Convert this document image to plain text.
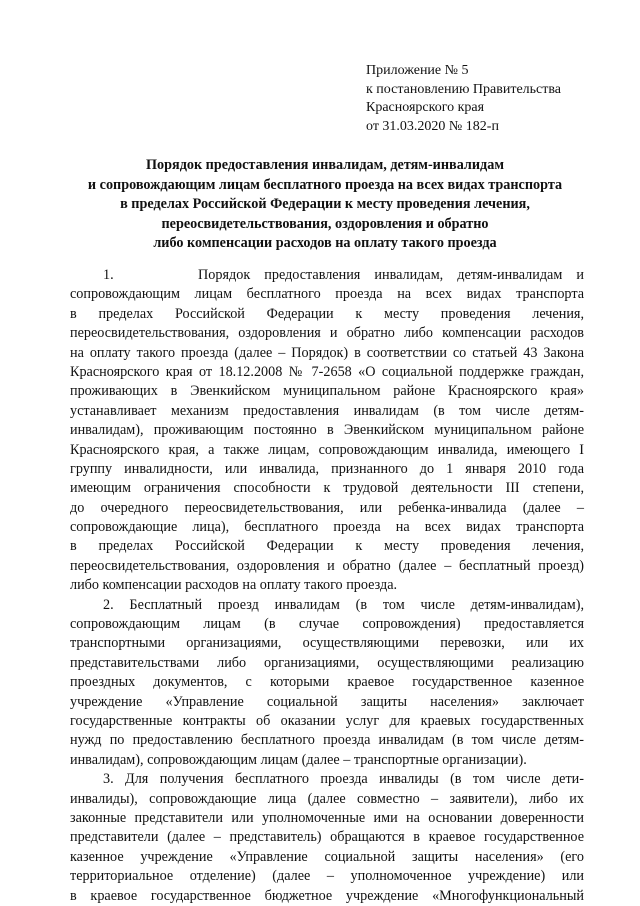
Приложение № 5
к постановлению Правительства
Красноярского края
от 31.03.2020 № 182-п
Порядок предоставления инвалидам, детям-инвалидам
и сопровождающим лицам бесплатного проезда на всех видах транспорта
в пределах Российской Федерации к месту проведения лечения,
переосвидетельствования, оздоровления и обратно
либо компенсации расходов на оплату такого проезда
1.      Порядок предоставления инвалидам, детям-инвалидам и
сопровождающим лицам бесплатного проезда на всех видах транспорта
в пределах Российской Федерации к месту проведения лечения,
переосвидетельствования, оздоровления и обратно либо компенсации расходов
на оплату такого проезда (далее – Порядок) в соответствии со статьей 43 Закона
Красноярского края от 18.12.2008 № 7-2658 «О социальной поддержке граждан,
проживающих в Эвенкийском муниципальном районе Красноярского края»
устанавливает механизм предоставления инвалидам (в том числе детям-
инвалидам), проживающим постоянно в Эвенкийском муниципальном районе
Красноярского края, а также лицам, сопровождающим инвалида, имеющего I
группу инвалидности, или инвалида, признанного до 1 января 2010 года
имеющим ограничения способности к трудовой деятельности III степени,
до очередного переосвидетельствования, или ребенка-инвалида (далее –
сопровождающие лица), бесплатного проезда на всех видах транспорта
в пределах Российской Федерации к месту проведения лечения,
переосвидетельствования, оздоровления и обратно (далее – бесплатный проезд)
либо компенсации расходов на оплату такого проезда.
2. Бесплатный проезд инвалидам (в том числе детям-инвалидам),
сопровождающим лицам (в случае сопровождения) предоставляется
транспортными организациями, осуществляющими перевозки, или их
представительствами либо организациями, осуществляющими реализацию
проездных документов, с которыми краевое государственное казенное
учреждение «Управление социальной защиты населения» заключает
государственные контракты об оказании услуг для краевых государственных
нужд по предоставлению бесплатного проезда инвалидам (в том числе детям-
инвалидам), сопровождающим лицам (далее – транспортные организации).
3. Для получения бесплатного проезда инвалиды (в том числе дети-
инвалиды), сопровождающие лица (далее совместно – заявители), либо их
законные представители или уполномоченные ими на основании доверенности
представители (далее – представитель) обращаются в краевое государственное
казенное учреждение «Управление социальной защиты населения» (его
территориальное отделение) (далее – уполномоченное учреждение) или
в краевое государственное бюджетное учреждение «Многофункциональный
